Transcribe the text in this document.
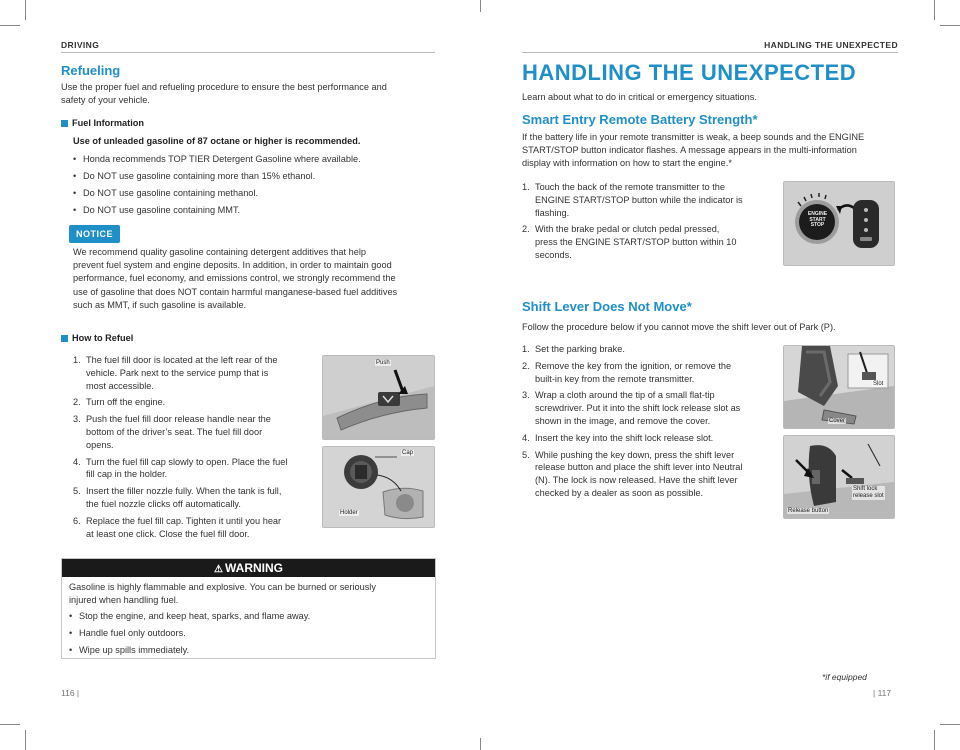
DRIVING
Refueling
Use the proper fuel and refueling procedure to ensure the best performance and
safety of your vehicle.
Fuel Information
Use of unleaded gasoline of 87 octane or higher is recommended.
• Honda recommends TOP TIER Detergent Gasoline where available.
• Do NOT use gasoline containing more than 15% ethanol.
• Do NOT use gasoline containing methanol.
• Do NOT use gasoline containing MMT.
NOTICE
We recommend quality gasoline containing detergent additives that help
prevent fuel system and engine deposits. In addition, in order to maintain good
performance, fuel economy, and emissions control, we strongly recommend the
use of gasoline that does NOT contain harmful manganese-based fuel additives
such as MMT, if such gasoline is available.
How to Refuel
1. The fuel fill door is located at the left rear of the
vehicle. Park next to the service pump that is
most accessible.
2. Turn off the engine.
3. Push the fuel fill door release handle near the
bottom of the driver’s seat. The fuel fill door
opens.
4. Turn the fuel fill cap slowly to open. Place the fuel
fill cap in the holder.
5. Insert the filler nozzle fully. When the tank is full,
the fuel nozzle clicks off automatically.
6. Replace the fuel fill cap. Tighten it until you hear
at least one click. Close the fuel fill door.
Push
Cap
Holder
⚠ WARNING
Gasoline is highly flammable and explosive. You can be burned or seriously
injured when handling fuel.
• Stop the engine, and keep heat, sparks, and flame away.
• Handle fuel only outdoors.
• Wipe up spills immediately.
116 |
HANDLING THE UNEXPECTED
HANDLING THE UNEXPECTED
Learn about what to do in critical or emergency situations.
Smart Entry Remote Battery Strength*
If the battery life in your remote transmitter is weak, a beep sounds and the ENGINE
START/STOP button indicator flashes. A message appears in the multi-information
display with information on how to start the engine.*
1. Touch the back of the remote transmitter to the
ENGINE START/STOP button while the indicator is
flashing.
2. With the brake pedal or clutch pedal pressed,
press the ENGINE START/STOP button within 10
seconds.
ENGINE
START
STOP
Shift Lever Does Not Move*
Follow the procedure below if you cannot move the shift lever out of Park (P).
1. Set the parking brake.
2. Remove the key from the ignition, or remove the
built-in key from the remote transmitter.
3. Wrap a cloth around the tip of a small flat-tip
screwdriver. Put it into the shift lock release slot as
shown in the image, and remove the cover.
4. Insert the key into the shift lock release slot.
5. While pushing the key down, press the shift lever
release button and place the shift lever into Neutral
(N). The lock is now released. Have the shift lever
checked by a dealer as soon as possible.
Slot
Cover
Shift lock
release slot
Release button
*if equipped
| 117
